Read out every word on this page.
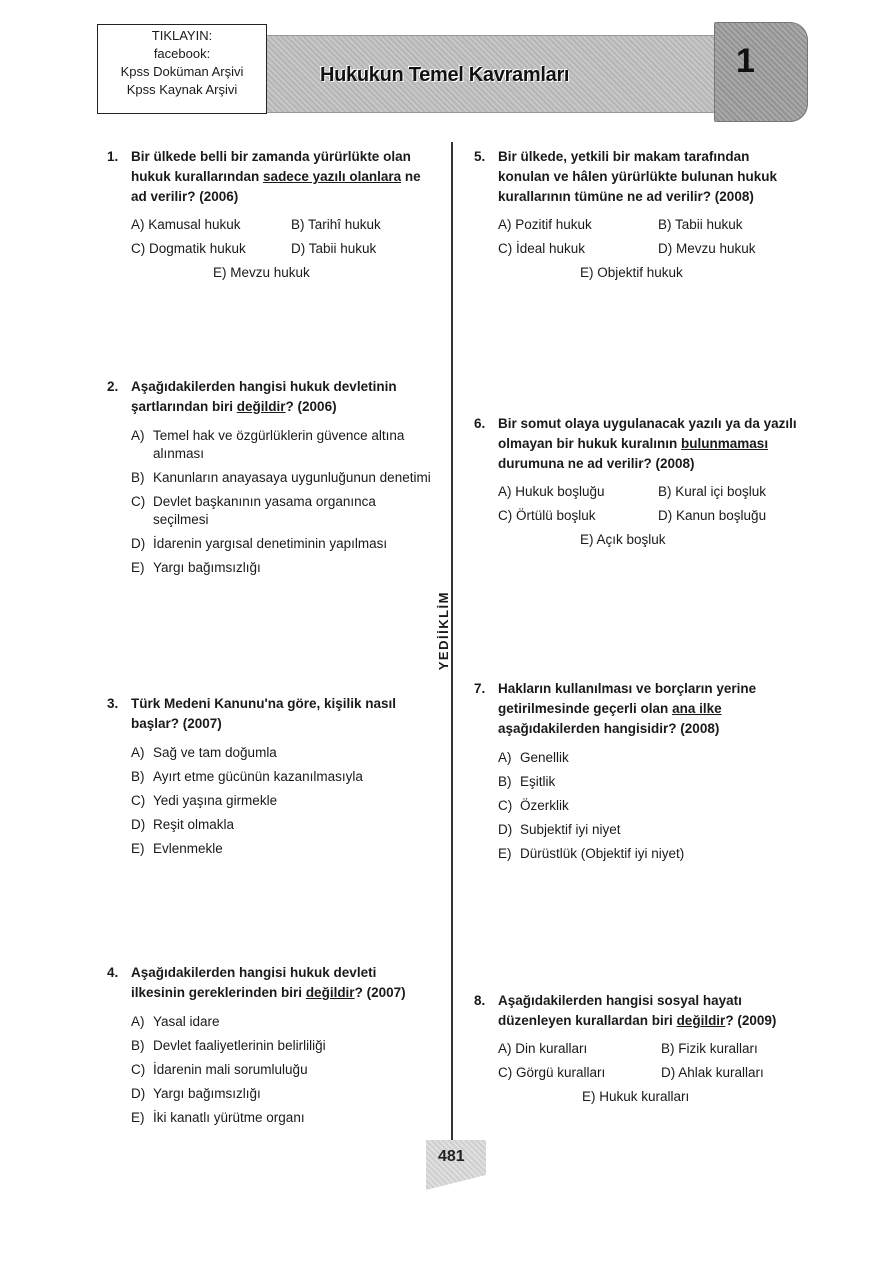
Hukukun Temel Kavramları	1
TIKLAYIN:
facebook:
Kpss Doküman Arşivi
Kpss Kaynak Arşivi
YEDİİKLİM
1. Bir ülkede belli bir zamanda yürürlükte olan hukuk kurallarından sadece yazılı olanlara ne ad verilir? (2006)
A) Kamusal hukuk	B) Tarihî hukuk
C) Dogmatik hukuk	D) Tabii hukuk
E) Mevzu hukuk
2. Aşağıdakilerden hangisi hukuk devletinin şartlarından biri değildir? (2006)
A) Temel hak ve özgürlüklerin güvence altına alınması
B) Kanunların anayasaya uygunluğunun denetimi
C) Devlet başkanının yasama organınca seçilmesi
D) İdarenin yargısal denetiminin yapılması
E) Yargı bağımsızlığı
3. Türk Medeni Kanunu'na göre, kişilik nasıl başlar? (2007)
A) Sağ ve tam doğumla
B) Ayırt etme gücünün kazanılmasıyla
C) Yedi yaşına girmekle
D) Reşit olmakla
E) Evlenmekle
4. Aşağıdakilerden hangisi hukuk devleti ilkesinin gereklerinden biri değildir? (2007)
A) Yasal idare
B) Devlet faaliyetlerinin belirliliği
C) İdarenin mali sorumluluğu
D) Yargı bağımsızlığı
E) İki kanatlı yürütme organı
5. Bir ülkede, yetkili bir makam tarafından konulan ve hâlen yürürlükte bulunan hukuk kurallarının tümüne ne ad verilir? (2008)
A) Pozitif hukuk	B) Tabii hukuk
C) İdeal hukuk	D) Mevzu hukuk
E) Objektif hukuk
6. Bir somut olaya uygulanacak yazılı ya da yazılı olmayan bir hukuk kuralının bulunmaması durumuna ne ad verilir? (2008)
A) Hukuk boşluğu	B) Kural içi boşluk
C) Örtülü boşluk	D) Kanun boşluğu
E) Açık boşluk
7. Hakların kullanılması ve borçların yerine getirilmesinde geçerli olan ana ilke aşağıdakilerden hangisidir? (2008)
A) Genellik
B) Eşitlik
C) Özerklik
D) Subjektif iyi niyet
E) Dürüstlük (Objektif iyi niyet)
8. Aşağıdakilerden hangisi sosyal hayatı düzenleyen kurallardan biri değildir? (2009)
A) Din kuralları	B) Fizik kuralları
C) Görgü kuralları	D) Ahlak kuralları
E) Hukuk kuralları
481
